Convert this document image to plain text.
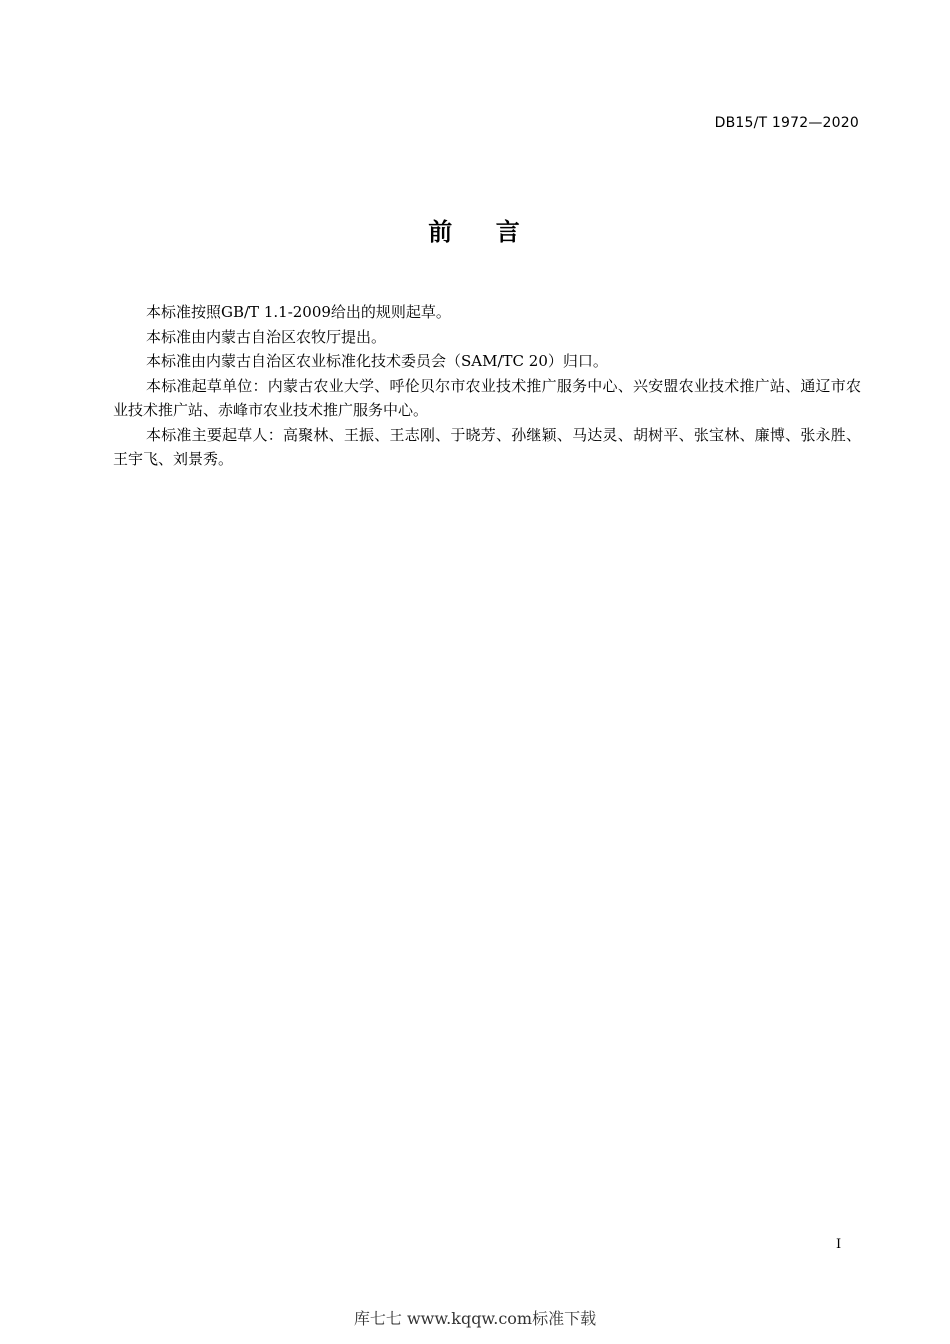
DB15/T 1972—2020
前    言

本标准按照GB/T 1.1-2009给出的规则起草。

本标准由内蒙古自治区农牧厅提出。

本标准由内蒙古自治区农业标准化技术委员会（SAM/TC 20）归口。

本标准起草单位：内蒙古农业大学、呼伦贝尔市农业技术推广服务中心、兴安盟农业技术推广站、通辽市农业技术推广站、赤峰市农业技术推广服务中心。

本标准主要起草人：高聚林、王振、王志刚、于晓芳、孙继颖、马达灵、胡树平、张宝林、廉博、张永胜、王宇飞、刘景秀。

I
库七七 www.kqqw.com标准下载
